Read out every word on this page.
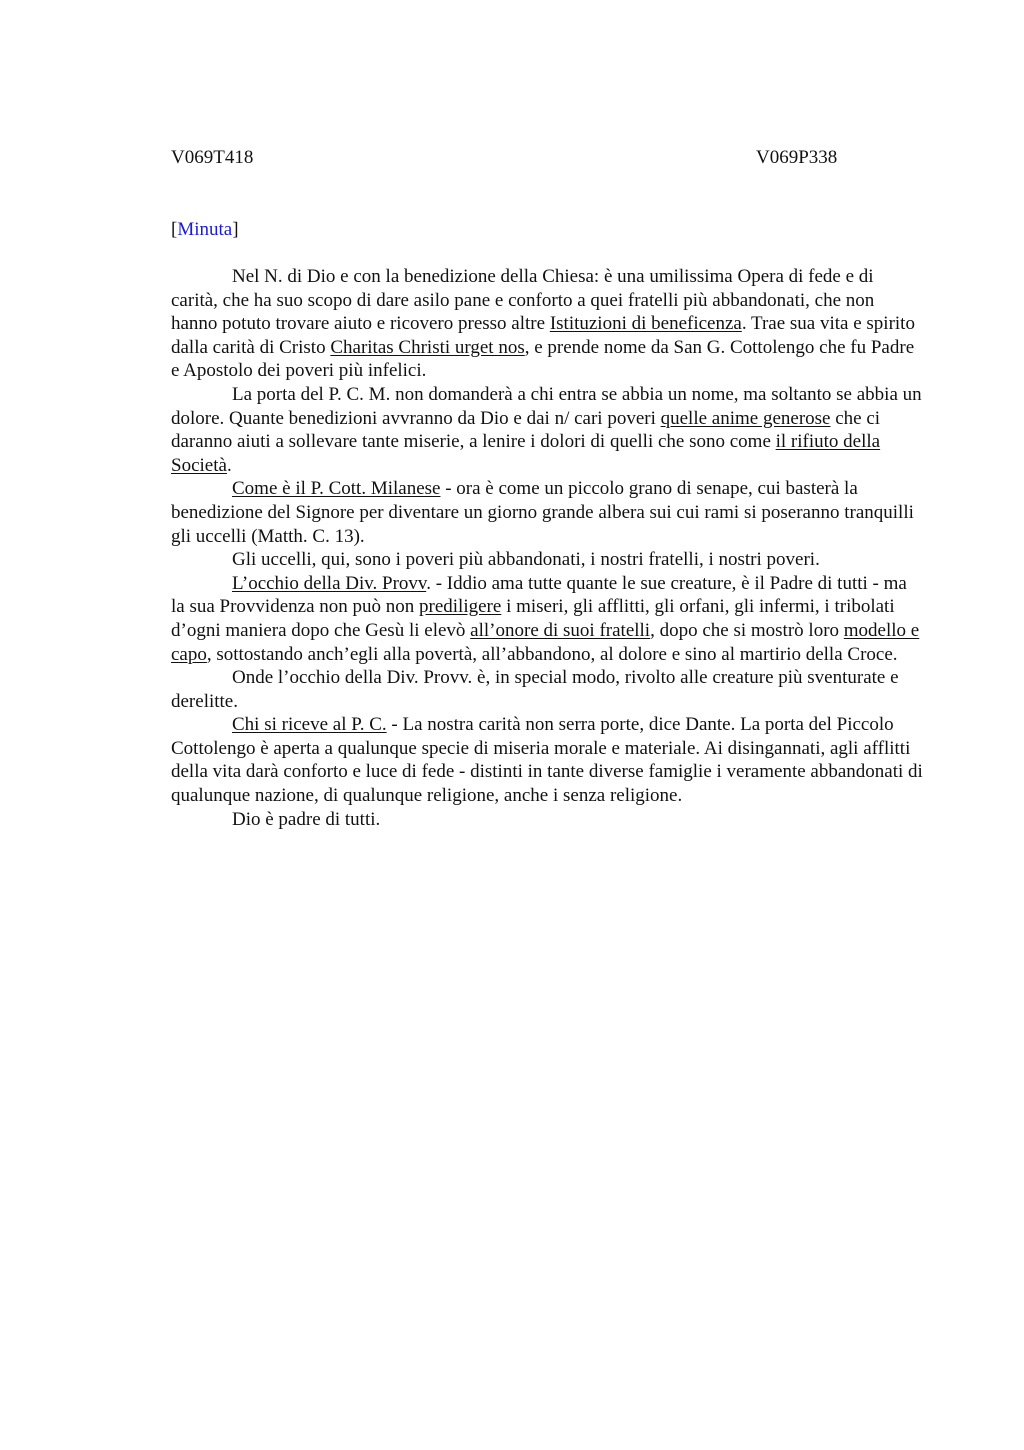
V069T418	V069P338
[Minuta]

Nel N. di Dio e con la benedizione della Chiesa: è una umilissima Opera di fede e di carità, che ha suo scopo di dare asilo pane e conforto a quei fratelli più abbandonati, che non hanno potuto trovare aiuto e ricovero presso altre Istituzioni di beneficenza. Trae sua vita e spirito dalla carità di Cristo Charitas Christi urget nos, e prende nome da San G. Cottolengo che fu Padre e Apostolo dei poveri più infelici.

La porta del P. C. M. non domanderà a chi entra se abbia un nome, ma soltanto se abbia un dolore. Quante benedizioni avvranno da Dio e dai n/ cari poveri quelle anime generose che ci daranno aiuti a sollevare tante miserie, a lenire i dolori di quelli che sono come il rifiuto della Società.

Come è il P. Cott. Milanese - ora è come un piccolo grano di senape, cui basterà la benedizione del Signore per diventare un giorno grande albera sui cui rami si poseranno tranquilli gli uccelli (Matth. C. 13).

Gli uccelli, qui, sono i poveri più abbandonati, i nostri fratelli, i nostri poveri.

L’occhio della Div. Provv. - Iddio ama tutte quante le sue creature, è il Padre di tutti - ma la sua Provvidenza non può non prediligere i miseri, gli afflitti, gli orfani, gli infermi, i tribolati d’ogni maniera dopo che Gesù li elevò all’onore di suoi fratelli, dopo che si mostrò loro modello e capo, sottostando anch’egli alla povertà, all’abbandono, al dolore e sino al martirio della Croce.

Onde l’occhio della Div. Provv. è, in special modo, rivolto alle creature più sventurate e derelitte.

Chi si riceve al P. C. - La nostra carità non serra porte, dice Dante. La porta del Piccolo Cottolengo è aperta a qualunque specie di miseria morale e materiale. Ai disingannati, agli afflitti della vita darà conforto e luce di fede - distinti in tante diverse famiglie i veramente abbandonati di qualunque nazione, di qualunque religione, anche i senza religione.

Dio è padre di tutti.
